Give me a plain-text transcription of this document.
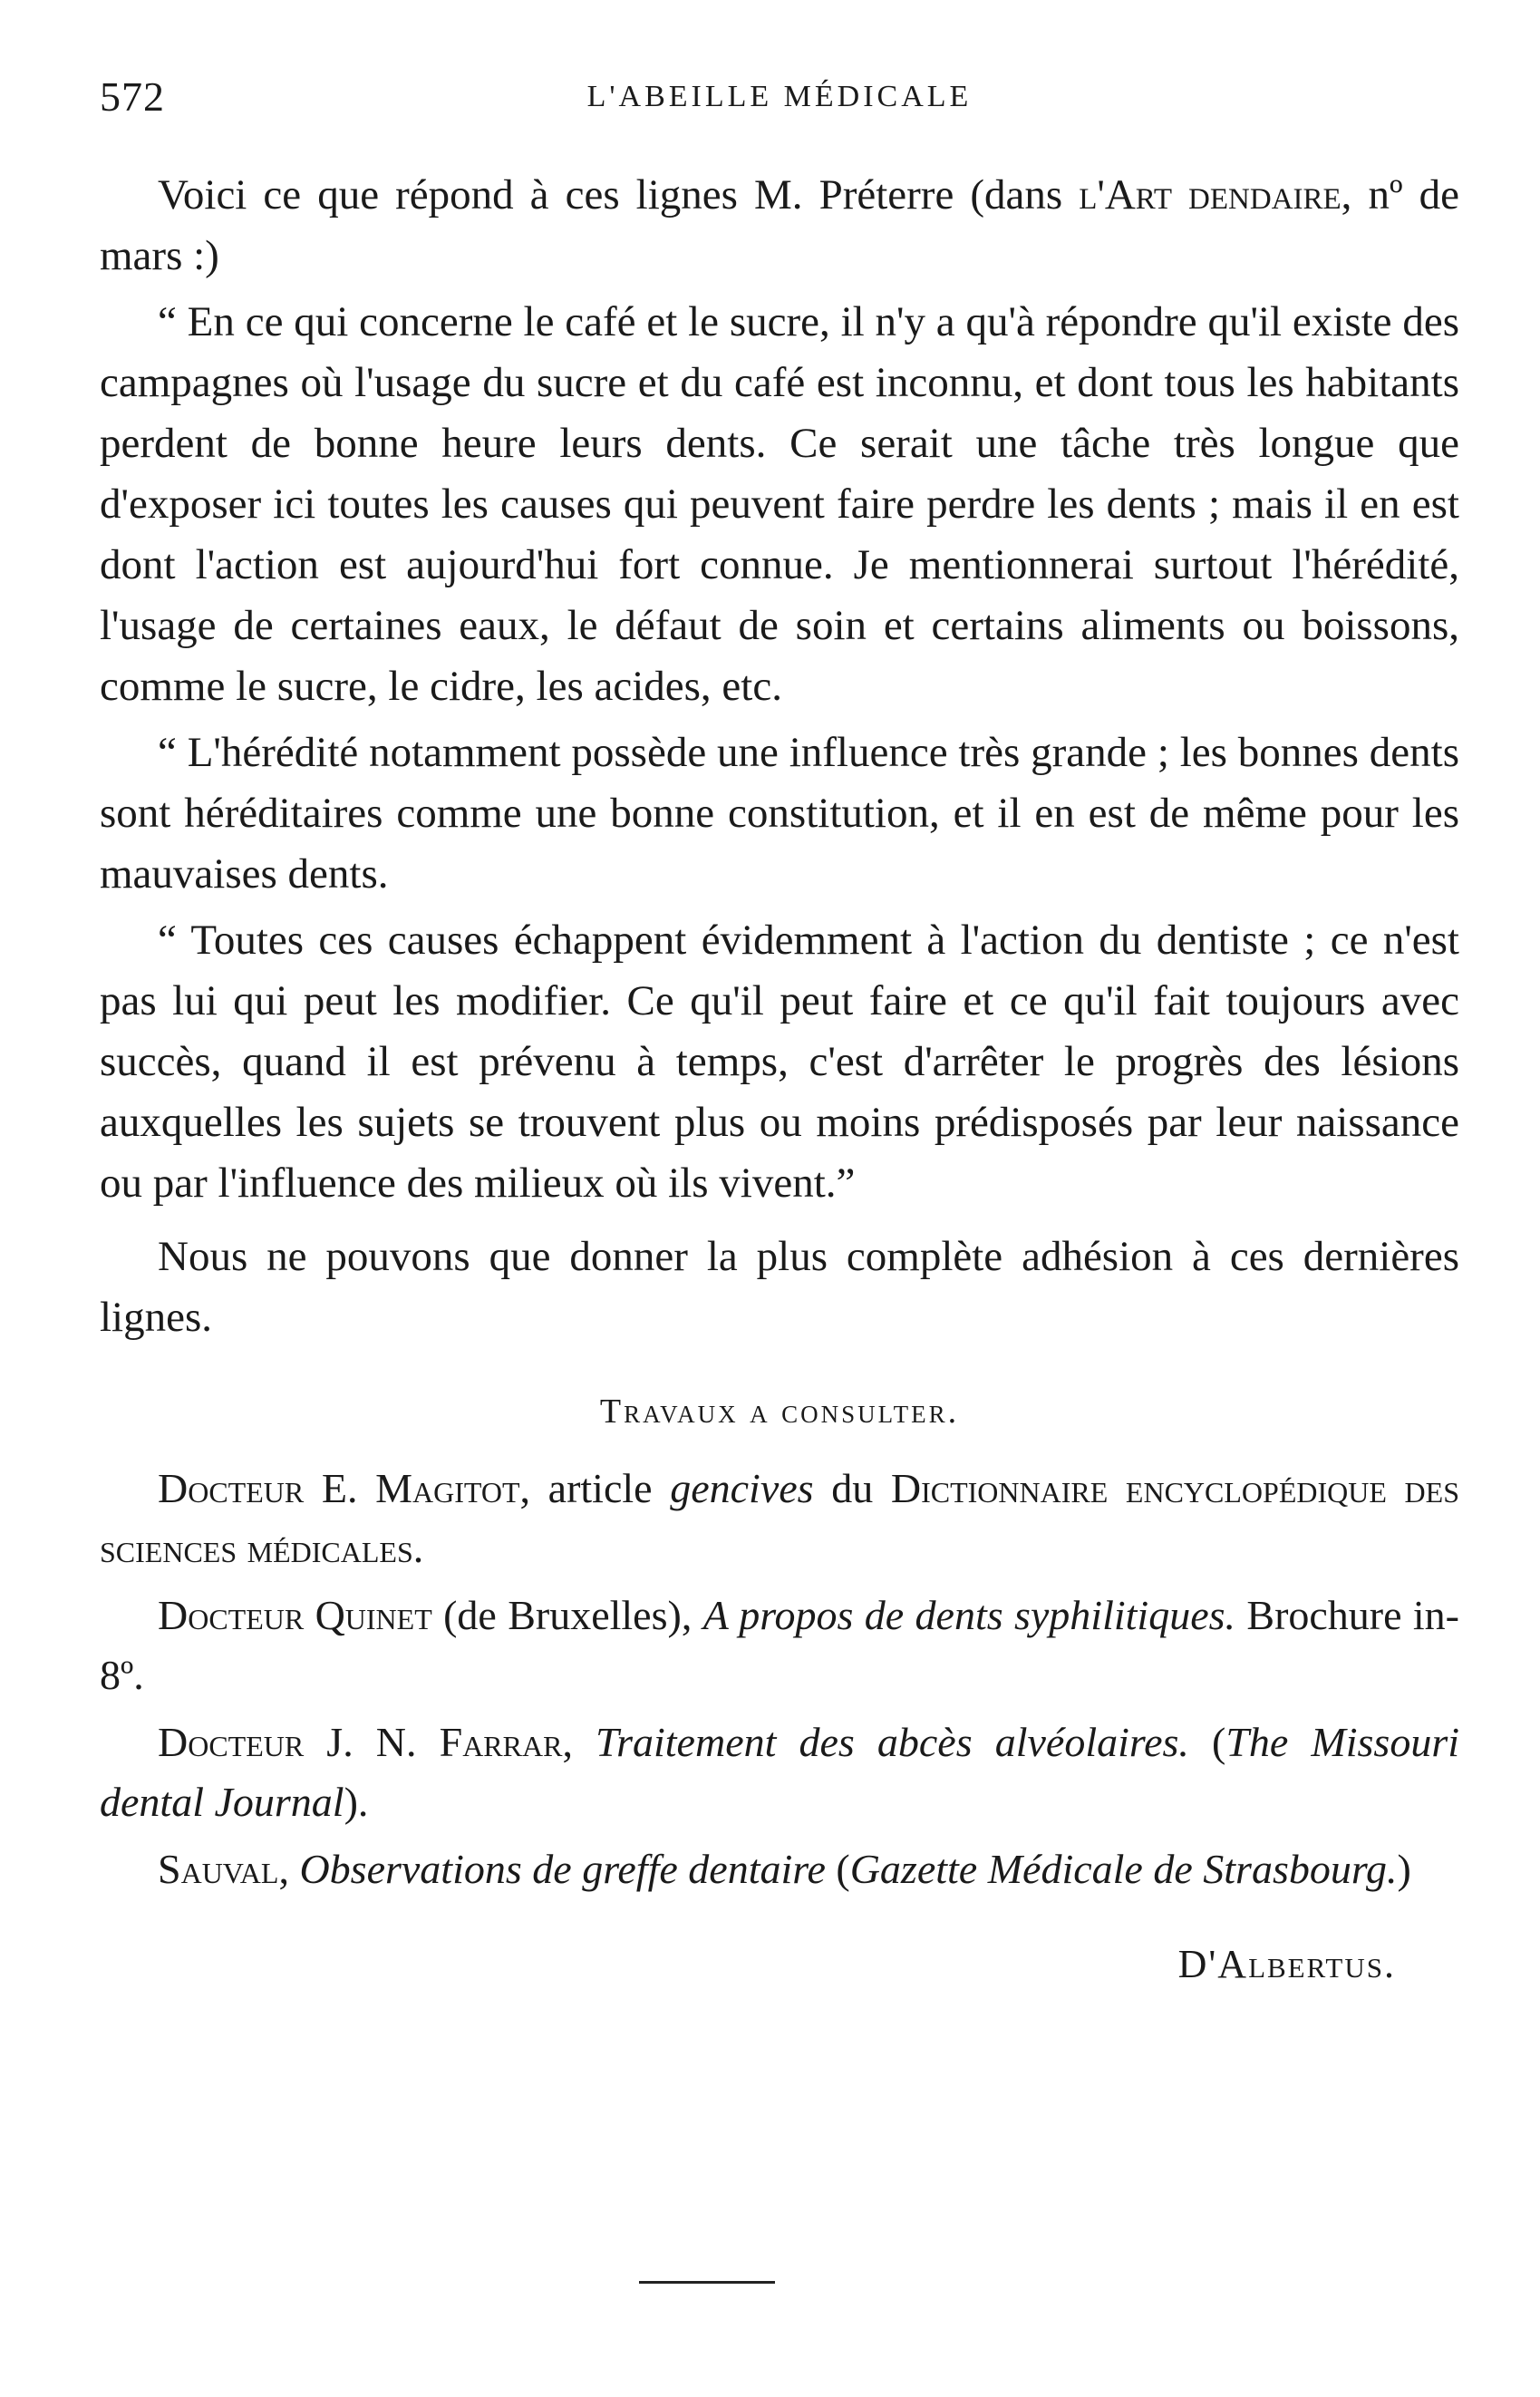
572	L'ABEILLE MÉDICALE

Voici ce que répond à ces lignes M. Préterre (dans l'Art dendaire, nº de mars :)

“ En ce qui concerne le café et le sucre, il n'y a qu'à répondre qu'il existe des campagnes où l'usage du sucre et du café est inconnu, et dont tous les habitants perdent de bonne heure leurs dents. Ce serait une tâche très longue que d'exposer ici toutes les causes qui peuvent faire perdre les dents ; mais il en est dont l'action est aujourd'hui fort connue. Je mentionnerai surtout l'hérédité, l'usage de certaines eaux, le défaut de soin et certains aliments ou boissons, comme le sucre, le cidre, les acides, etc.

“ L'hérédité notamment possède une influence très grande ; les bonnes dents sont héréditaires comme une bonne constitution, et il en est de même pour les mauvaises dents.

“ Toutes ces causes échappent évidemment à l'action du dentiste ; ce n'est pas lui qui peut les modifier. Ce qu'il peut faire et ce qu'il fait toujours avec succès, quand il est prévenu à temps, c'est d'arrêter le progrès des lésions auxquelles les sujets se trouvent plus ou moins prédisposés par leur naissance ou par l'influence des milieux où ils vivent.”

Nous ne pouvons que donner la plus complète adhésion à ces dernières lignes.

Travaux a consulter.

Docteur E. Magitot, article gencives du Dictionnaire encyclopédique des sciences médicales.

Docteur Quinet (de Bruxelles), A propos de dents syphilitiques. Brochure in-8º.

Docteur J. N. Farrar, Traitement des abcès alvéolaires. (The Missouri dental Journal).

Sauval, Observations de greffe dentaire (Gazette Médicale de Strasbourg.)

D'Albertus.
